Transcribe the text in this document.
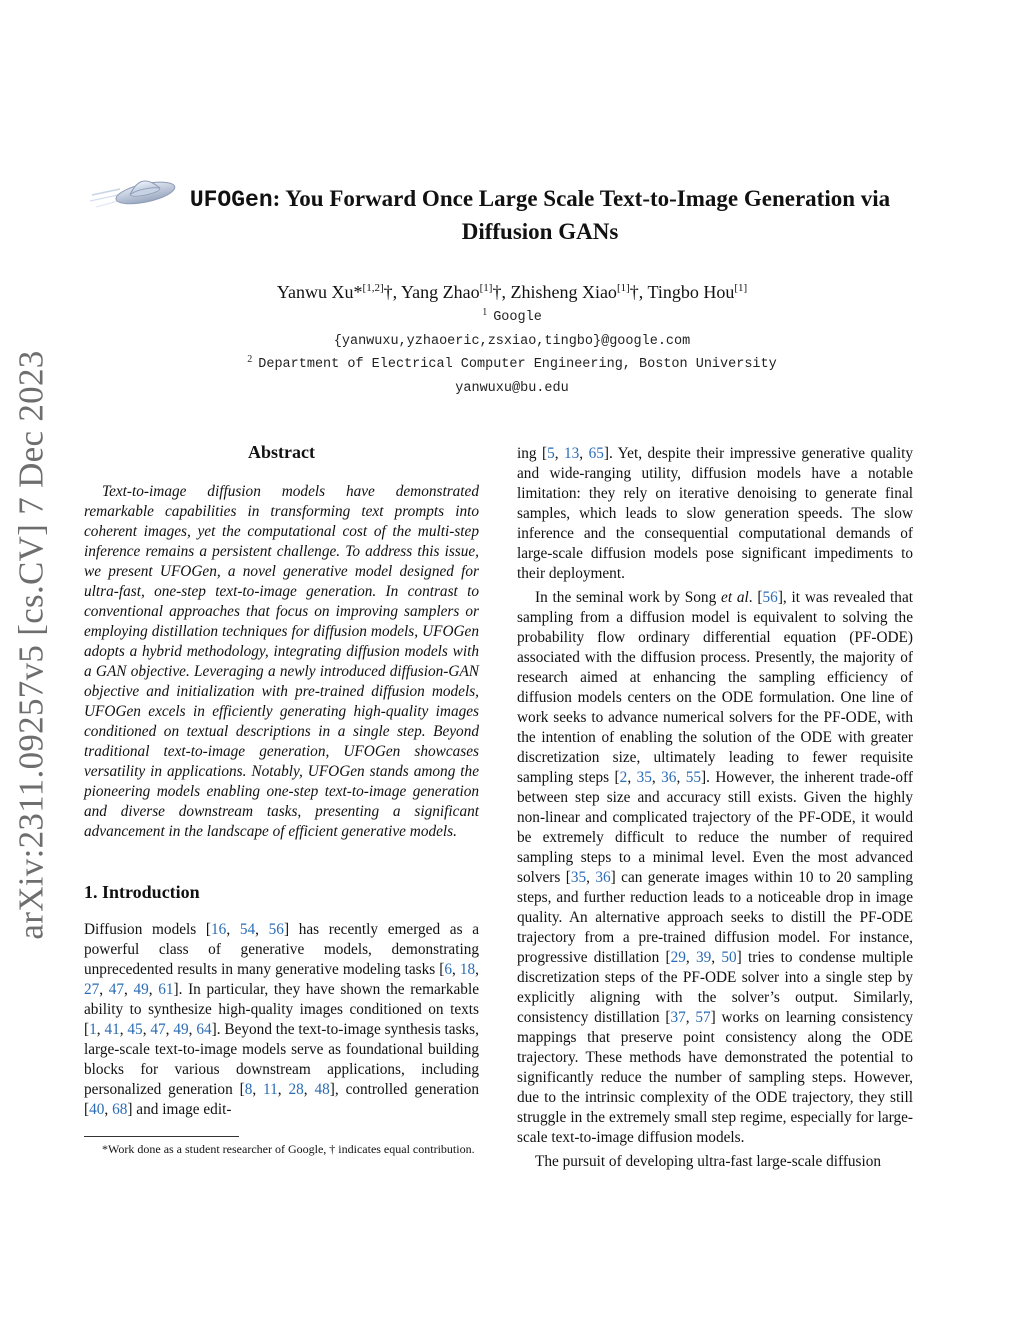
arXiv:2311.09257v5 [cs.CV] 7 Dec 2023
UFOGen: You Forward Once Large Scale Text-to-Image Generation via
Diffusion GANs
Yanwu Xu*[1,2]†, Yang Zhao[1]†, Zhisheng Xiao[1]†, Tingbo Hou[1]
$^1$ Google
{yanwuxu,yzhaoeric,zsxiao,tingbo}@google.com
$^2$ Department of Electrical Computer Engineering, Boston University
yanwuxu@bu.edu
Abstract

Text-to-image diffusion models have demonstrated remarkable capabilities in transforming text prompts into coherent images, yet the computational cost of the multi-step inference remains a persistent challenge. To address this issue, we present UFOGen, a novel generative model designed for ultra-fast, one-step text-to-image generation. In contrast to conventional approaches that focus on improving samplers or employing distillation techniques for diffusion models, UFOGen adopts a hybrid methodology, integrating diffusion models with a GAN objective. Leveraging a newly introduced diffusion-GAN objective and initialization with pre-trained diffusion models, UFOGen excels in efficiently generating high-quality images conditioned on textual descriptions in a single step. Beyond traditional text-to-image generation, UFOGen showcases versatility in applications. Notably, UFOGen stands among the pioneering models enabling one-step text-to-image generation and diverse downstream tasks, presenting a significant advancement in the landscape of efficient generative models.

1. Introduction

Diffusion models [16, 54, 56] has recently emerged as a powerful class of generative models, demonstrating unprecedented results in many generative modeling tasks [6, 18, 27, 47, 49, 61]. In particular, they have shown the remarkable ability to synthesize high-quality images conditioned on texts [1, 41, 45, 47, 49, 64]. Beyond the text-to-image synthesis tasks, large-scale text-to-image models serve as foundational building blocks for various downstream applications, including personalized generation [8, 11, 28, 48], controlled generation [40, 68] and image edit-

*Work done as a student researcher of Google, † indicates equal contribution.

ing [5, 13, 65]. Yet, despite their impressive generative quality and wide-ranging utility, diffusion models have a notable limitation: they rely on iterative denoising to generate final samples, which leads to slow generation speeds. The slow inference and the consequential computational demands of large-scale diffusion models pose significant impediments to their deployment.

In the seminal work by Song et al. [56], it was revealed that sampling from a diffusion model is equivalent to solving the probability flow ordinary differential equation (PF-ODE) associated with the diffusion process. Presently, the majority of research aimed at enhancing the sampling efficiency of diffusion models centers on the ODE formulation. One line of work seeks to advance numerical solvers for the PF-ODE, with the intention of enabling the solution of the ODE with greater discretization size, ultimately leading to fewer requisite sampling steps [2, 35, 36, 55]. However, the inherent trade-off between step size and accuracy still exists. Given the highly non-linear and complicated trajectory of the PF-ODE, it would be extremely difficult to reduce the number of required sampling steps to a minimal level. Even the most advanced solvers [35, 36] can generate images within 10 to 20 sampling steps, and further reduction leads to a noticeable drop in image quality. An alternative approach seeks to distill the PF-ODE trajectory from a pre-trained diffusion model. For instance, progressive distillation [29, 39, 50] tries to condense multiple discretization steps of the PF-ODE solver into a single step by explicitly aligning with the solver’s output. Similarly, consistency distillation [37, 57] works on learning consistency mappings that preserve point consistency along the ODE trajectory. These methods have demonstrated the potential to significantly reduce the number of sampling steps. However, due to the intrinsic complexity of the ODE trajectory, they still struggle in the extremely small step regime, especially for large-scale text-to-image diffusion models.

The pursuit of developing ultra-fast large-scale diffusion
